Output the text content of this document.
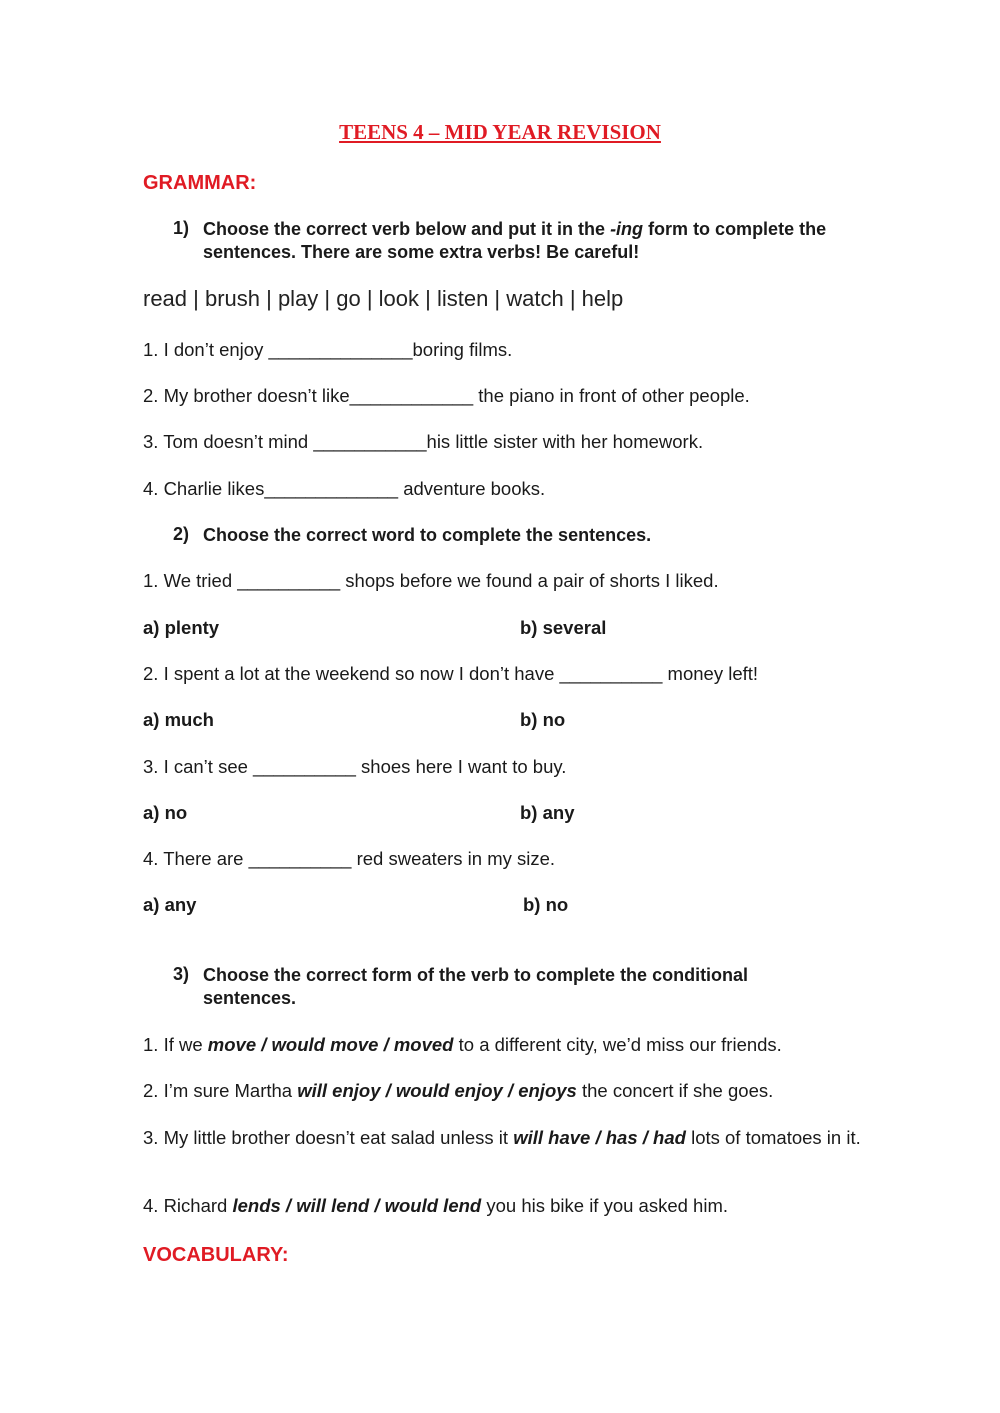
TEENS 4 – MID YEAR REVISION
GRAMMAR:
1) Choose the correct verb below and put it in the -ing form to complete the sentences. There are some extra verbs! Be careful!
read | brush | play | go | look | listen | watch | help
1. I don’t enjoy ______________boring films.
2. My brother doesn’t like____________ the piano in front of other people.
3. Tom doesn’t mind ___________his little sister with her homework.
4. Charlie likes_____________ adventure books.
2) Choose the correct word to complete the sentences.
1. We tried __________ shops before we found a pair of shorts I liked.
a) plenty	b) several
2. I spent a lot at the weekend so now I don’t have __________ money left!
a) much	b) no
3. I can’t see __________ shoes here I want to buy.
a) no	b) any
4. There are __________ red sweaters in my size.
a) any	b) no
3) Choose the correct form of the verb to complete the conditional sentences.
1. If we move / would move / moved to a different city, we’d miss our friends.
2. I’m sure Martha will enjoy / would enjoy / enjoys the concert if she goes.
3. My little brother doesn’t eat salad unless it will have / has / had lots of tomatoes in it.
4. Richard lends / will lend / would lend you his bike if you asked him.
VOCABULARY:
